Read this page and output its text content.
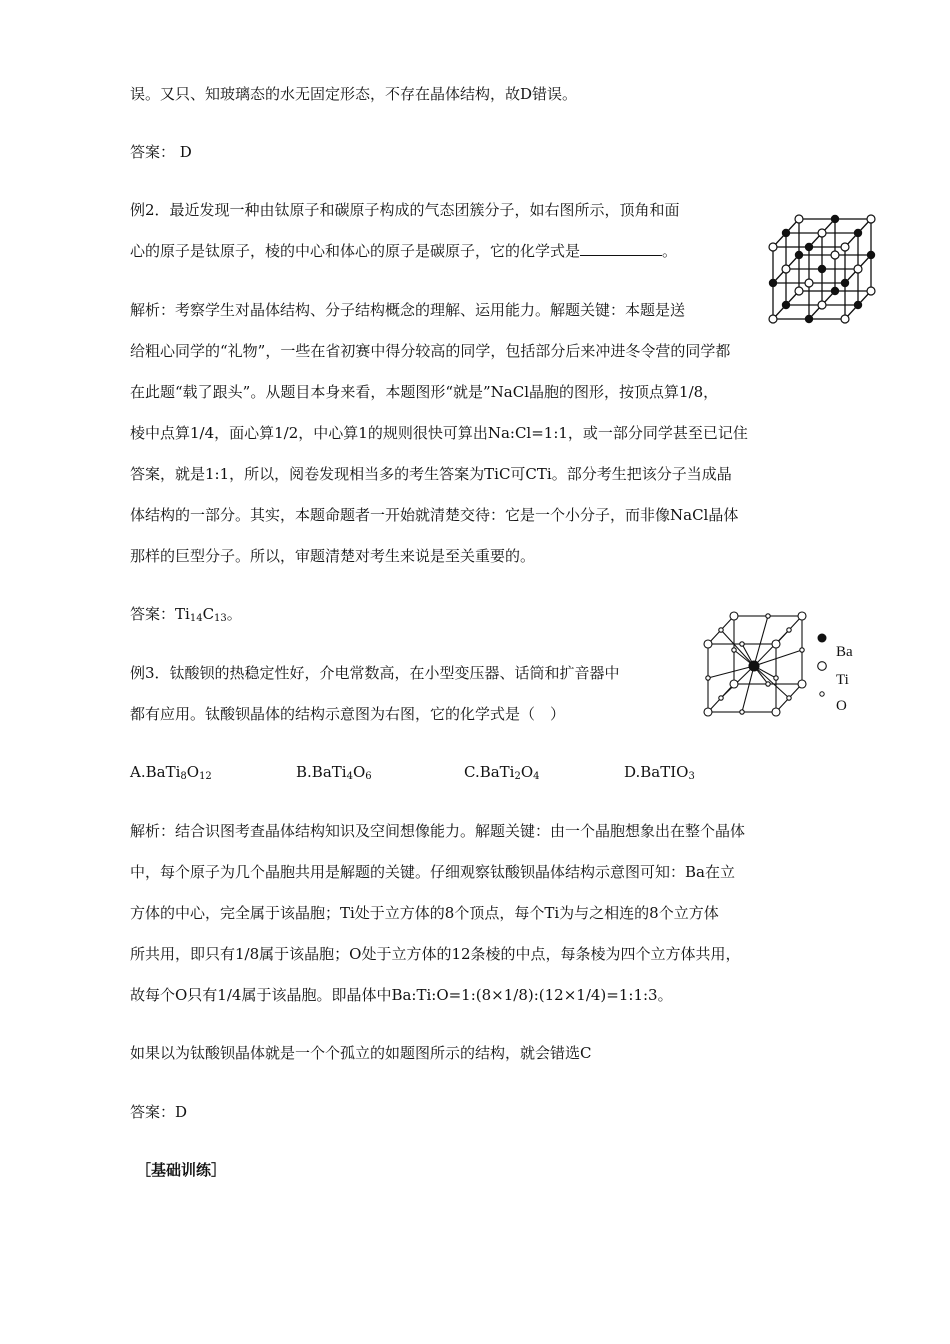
误。又只、知玻璃态的水无固定形态，不存在晶体结构，故D错误。
答案： D
例2．最近发现一种由钛原子和碳原子构成的气态团簇分子，如右图所示，顶角和面
心的原子是钛原子，棱的中心和体心的原子是碳原子，它的化学式是	。
解析：考察学生对晶体结构、分子结构概念的理解、运用能力。解题关键：本题是送
给粗心同学的“礼物”，一些在省初赛中得分较高的同学，包括部分后来冲进冬令营的同学都
在此题“载了跟头”。从题目本身来看，本题图形“就是”NaCl晶胞的图形，按顶点算1/8，
棱中点算1/4，面心算1/2，中心算1的规则很快可算出Na:Cl=1:1，或一部分同学甚至已记住
答案，就是1:1，所以，阅卷发现相当多的考生答案为TiC可CTi。部分考生把该分子当成晶
体结构的一部分。其实，本题命题者一开始就清楚交待：它是一个小分子，而非像NaCl晶体
那样的巨型分子。所以，审题清楚对考生来说是至关重要的。
答案：$Ti_{14}C_{13}$。
Ba
Ti
O
例3．钛酸钡的热稳定性好，介电常数高，在小型变压器、话筒和扩音器中
都有应用。钛酸钡晶体的结构示意图为右图，它的化学式是（　）
$A.BaTi_8O_{12}$	$B.BaTi_4O_6$	$C.BaTi_2O_4$	D.BaTIO$_3$
解析：结合识图考查晶体结构知识及空间想像能力。解题关键：由一个晶胞想象出在整个晶体
中，每个原子为几个晶胞共用是解题的关键。仔细观察钛酸钡晶体结构示意图可知：Ba在立
方体的中心，完全属于该晶胞；Ti处于立方体的8个顶点，每个Ti为与之相连的8个立方体
所共用，即只有1/8属于该晶胞；O处于立方体的12条棱的中点，每条棱为四个立方体共用，
故每个O只有1/4属于该晶胞。即晶体中Ba:Ti:O=1:(8×1/8):(12×1/4)=1:1:3。
如果以为钛酸钡晶体就是一个个孤立的如题图所示的结构，就会错选C
答案：D
［基础训练］
